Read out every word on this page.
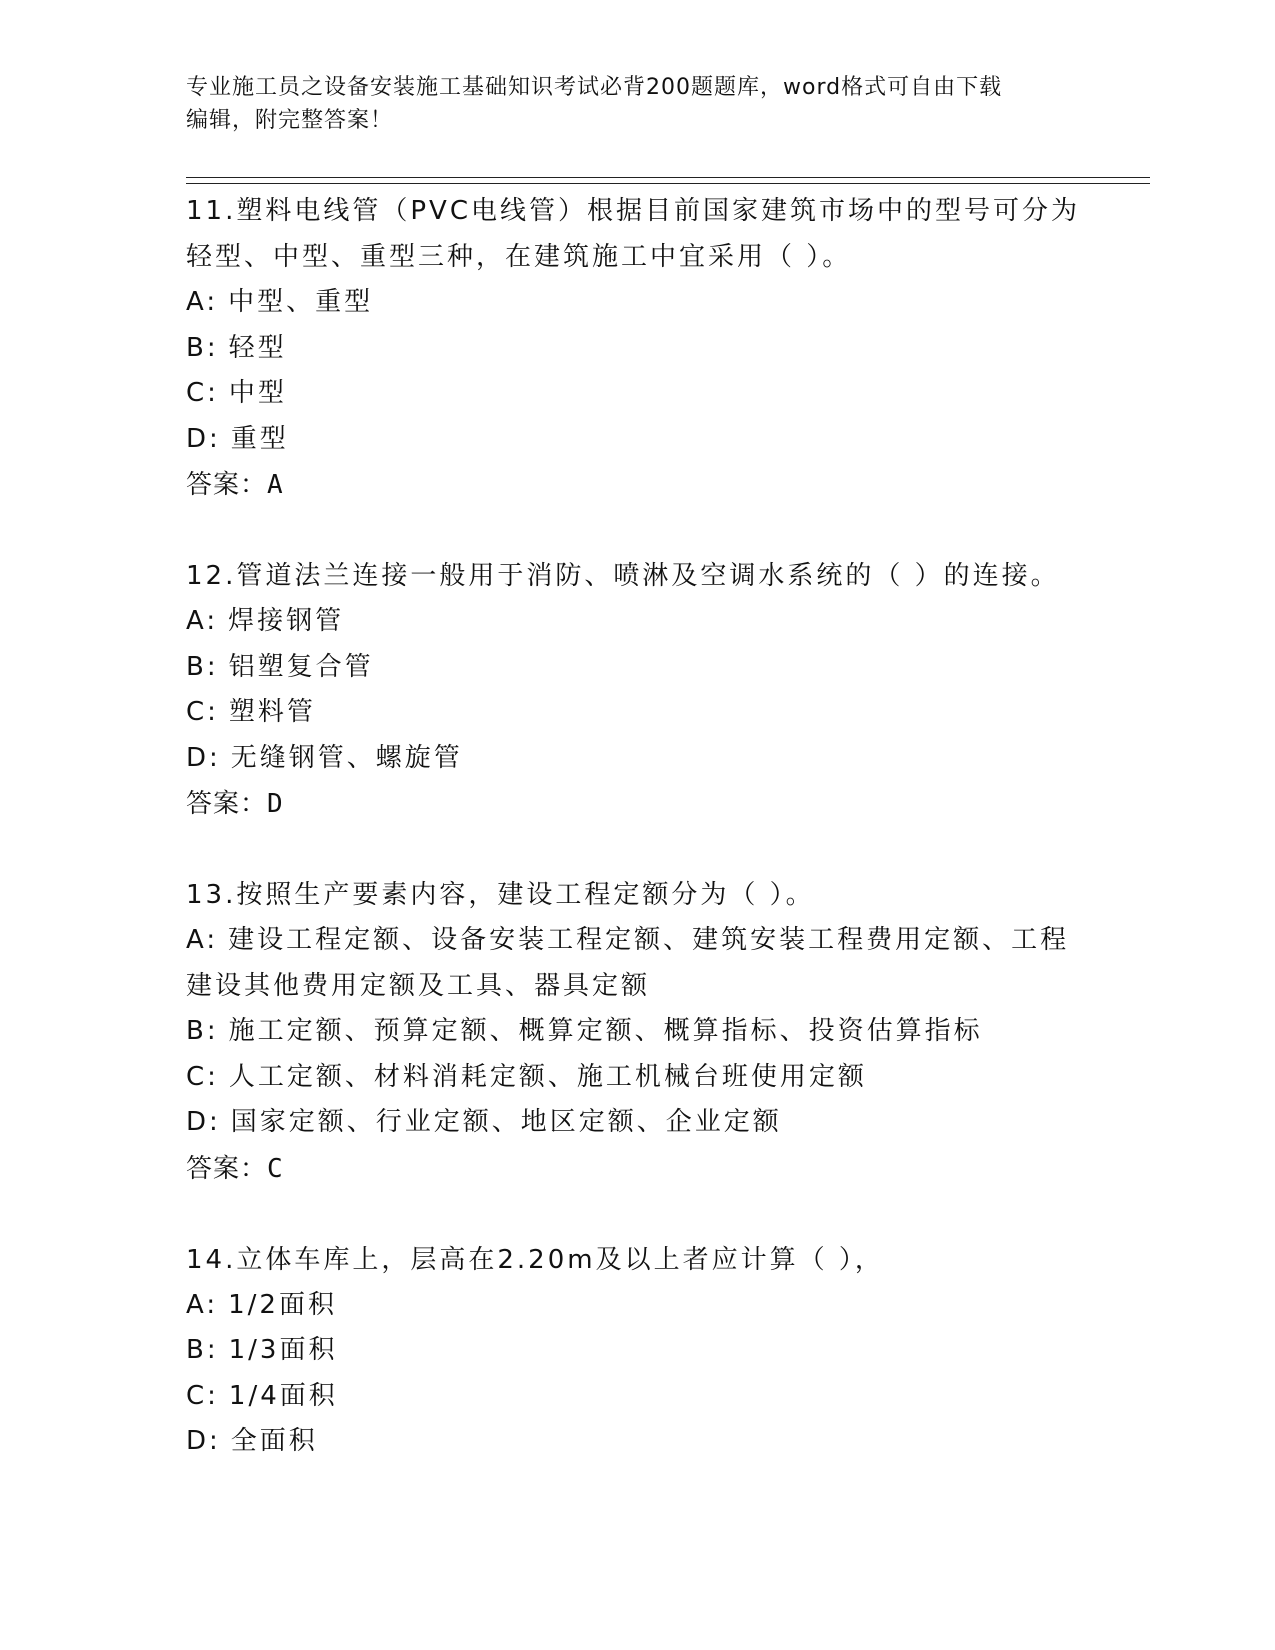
专业施工员之设备安装施工基础知识考试必背200题题库，word格式可自由下载
编辑，附完整答案！

11.塑料电线管（PVC电线管）根据目前国家建筑市场中的型号可分为

轻型、中型、重型三种，在建筑施工中宜采用（ ）。

A: 中型、重型

B: 轻型

C: 中型

D: 重型

答案：A

12.管道法兰连接一般用于消防、喷淋及空调水系统的（ ）的连接。

A: 焊接钢管

B: 铝塑复合管

C: 塑料管

D: 无缝钢管、螺旋管

答案：D

13.按照生产要素内容，建设工程定额分为（ ）。

A: 建设工程定额、设备安装工程定额、建筑安装工程费用定额、工程

建设其他费用定额及工具、器具定额

B: 施工定额、预算定额、概算定额、概算指标、投资估算指标

C: 人工定额、材料消耗定额、施工机械台班使用定额

D: 国家定额、行业定额、地区定额、企业定额

答案：C

14.立体车库上，层高在2.20m及以上者应计算（ ），

A: 1/2面积

B: 1/3面积

C: 1/4面积

D: 全面积
